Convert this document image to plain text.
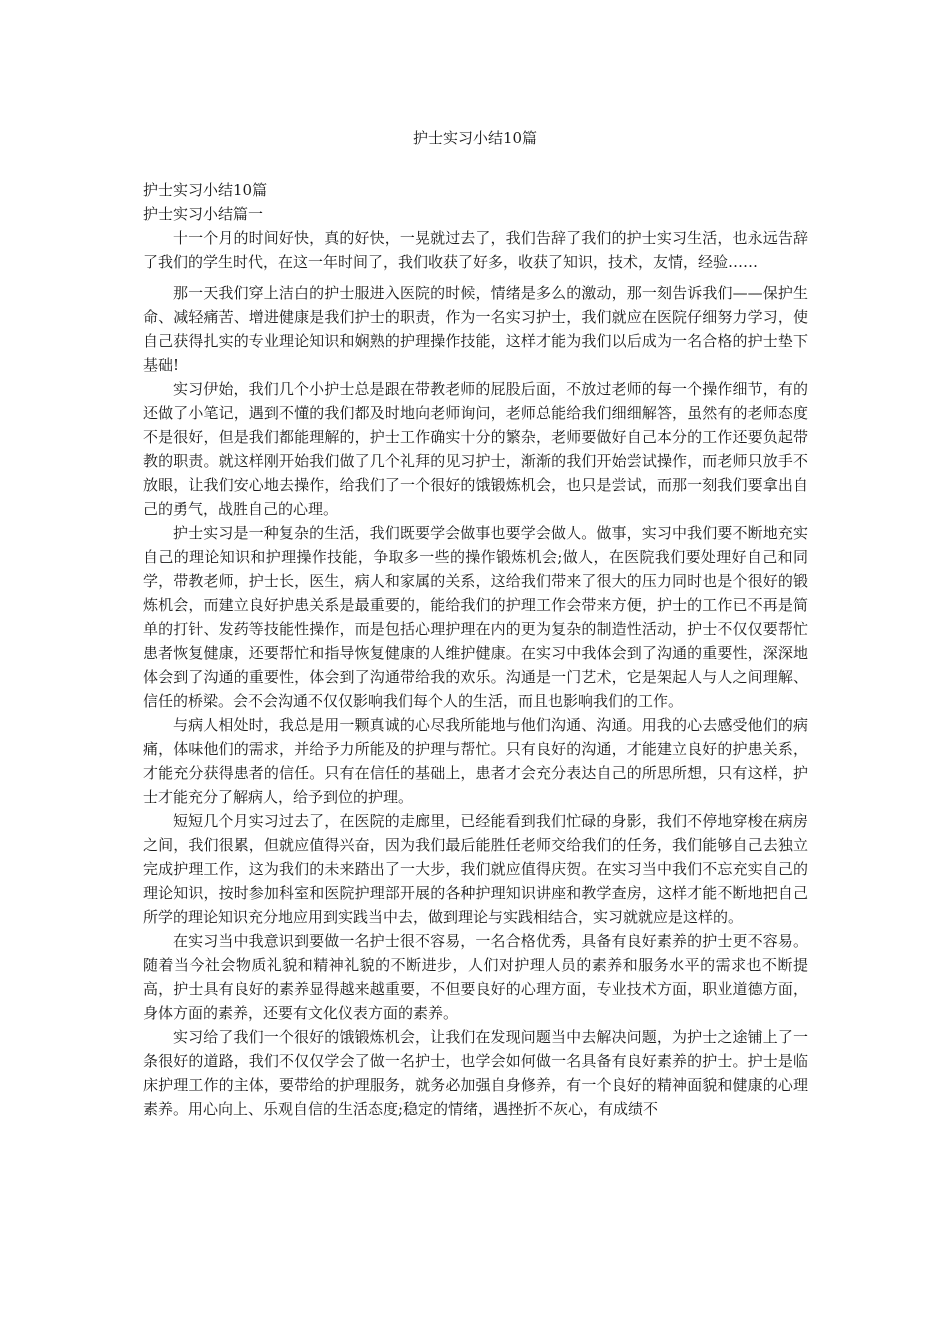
护士实习小结10篇

护士实习小结10篇

护士实习小结篇一

十一个月的时间好快，真的好快，一晃就过去了，我们告辞了我们的护士实习生活，也永远告辞了我们的学生时代，在这一年时间了，我们收获了好多，收获了知识，技术，友情，经验……

那一天我们穿上洁白的护士服进入医院的时候，情绪是多么的激动，那一刻告诉我们——保护生命、减轻痛苦、增进健康是我们护士的职责，作为一名实习护士，我们就应在医院仔细努力学习，使自己获得扎实的专业理论知识和娴熟的护理操作技能，这样才能为我们以后成为一名合格的护士垫下基础!

实习伊始，我们几个小护士总是跟在带教老师的屁股后面，不放过老师的每一个操作细节，有的还做了小笔记，遇到不懂的我们都及时地向老师询问，老师总能给我们细细解答，虽然有的老师态度不是很好，但是我们都能理解的，护士工作确实十分的繁杂，老师要做好自己本分的工作还要负起带教的职责。就这样刚开始我们做了几个礼拜的见习护士，渐渐的我们开始尝试操作，而老师只放手不放眼，让我们安心地去操作，给我们了一个很好的饿锻炼机会，也只是尝试，而那一刻我们要拿出自己的勇气，战胜自己的心理。

护士实习是一种复杂的生活，我们既要学会做事也要学会做人。做事，实习中我们要不断地充实自己的理论知识和护理操作技能，争取多一些的操作锻炼机会;做人，在医院我们要处理好自己和同学，带教老师，护士长，医生，病人和家属的关系，这给我们带来了很大的压力同时也是个很好的锻炼机会，而建立良好护患关系是最重要的，能给我们的护理工作会带来方便，护士的工作已不再是简单的打针、发药等技能性操作，而是包括心理护理在内的更为复杂的制造性活动，护士不仅仅要帮忙患者恢复健康，还要帮忙和指导恢复健康的人维护健康。在实习中我体会到了沟通的重要性，深深地体会到了沟通的重要性，体会到了沟通带给我的欢乐。沟通是一门艺术，它是架起人与人之间理解、信任的桥梁。会不会沟通不仅仅影响我们每个人的生活，而且也影响我们的工作。

与病人相处时，我总是用一颗真诚的心尽我所能地与他们沟通、沟通。用我的心去感受他们的病痛，体味他们的需求，并给予力所能及的护理与帮忙。只有良好的沟通，才能建立良好的护患关系，才能充分获得患者的信任。只有在信任的基础上，患者才会充分表达自己的所思所想，只有这样，护士才能充分了解病人，给予到位的护理。

短短几个月实习过去了，在医院的走廊里，已经能看到我们忙碌的身影，我们不停地穿梭在病房之间，我们很累，但就应值得兴奋，因为我们最后能胜任老师交给我们的任务，我们能够自己去独立完成护理工作，这为我们的未来踏出了一大步，我们就应值得庆贺。在实习当中我们不忘充实自己的理论知识，按时参加科室和医院护理部开展的各种护理知识讲座和教学查房，这样才能不断地把自己所学的理论知识充分地应用到实践当中去，做到理论与实践相结合，实习就就应是这样的。

在实习当中我意识到要做一名护士很不容易，一名合格优秀，具备有良好素养的护士更不容易。随着当今社会物质礼貌和精神礼貌的不断进步，人们对护理人员的素养和服务水平的需求也不断提高，护士具有良好的素养显得越来越重要，不但要良好的心理方面，专业技术方面，职业道德方面，身体方面的素养，还要有文化仪表方面的素养。

实习给了我们一个很好的饿锻炼机会，让我们在发现问题当中去解决问题，为护士之途铺上了一条很好的道路，我们不仅仅学会了做一名护士，也学会如何做一名具备有良好素养的护士。护士是临床护理工作的主体，要带给的护理服务，就务必加强自身修养，有一个良好的精神面貌和健康的心理素养。用心向上、乐观自信的生活态度;稳定的情绪，遇挫折不灰心，有成绩不
